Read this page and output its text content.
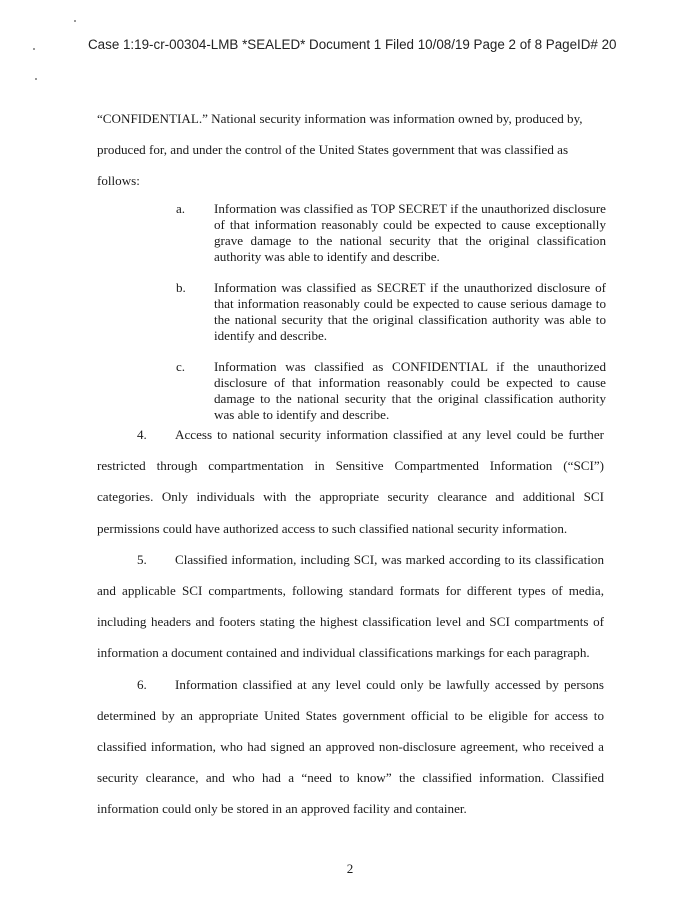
Case 1:19-cr-00304-LMB *SEALED* Document 1 Filed 10/08/19 Page 2 of 8 PageID# 20
“CONFIDENTIAL.” National security information was information owned by, produced by,
produced for, and under the control of the United States government that was classified as
follows:
a. Information was classified as TOP SECRET if the unauthorized disclosure of that information reasonably could be expected to cause exceptionally grave damage to the national security that the original classification authority was able to identify and describe.
b. Information was classified as SECRET if the unauthorized disclosure of that information reasonably could be expected to cause serious damage to the national security that the original classification authority was able to identify and describe.
c. Information was classified as CONFIDENTIAL if the unauthorized disclosure of that information reasonably could be expected to cause damage to the national security that the original classification authority was able to identify and describe.

4. Access to national security information classified at any level could be further restricted through compartmentation in Sensitive Compartmented Information (“SCI”) categories. Only individuals with the appropriate security clearance and additional SCI permissions could have authorized access to such classified national security information.

5. Classified information, including SCI, was marked according to its classification and applicable SCI compartments, following standard formats for different types of media, including headers and footers stating the highest classification level and SCI compartments of information a document contained and individual classifications markings for each paragraph.

6. Information classified at any level could only be lawfully accessed by persons determined by an appropriate United States government official to be eligible for access to classified information, who had signed an approved non-disclosure agreement, who received a security clearance, and who had a “need to know” the classified information. Classified information could only be stored in an approved facility and container.

2
